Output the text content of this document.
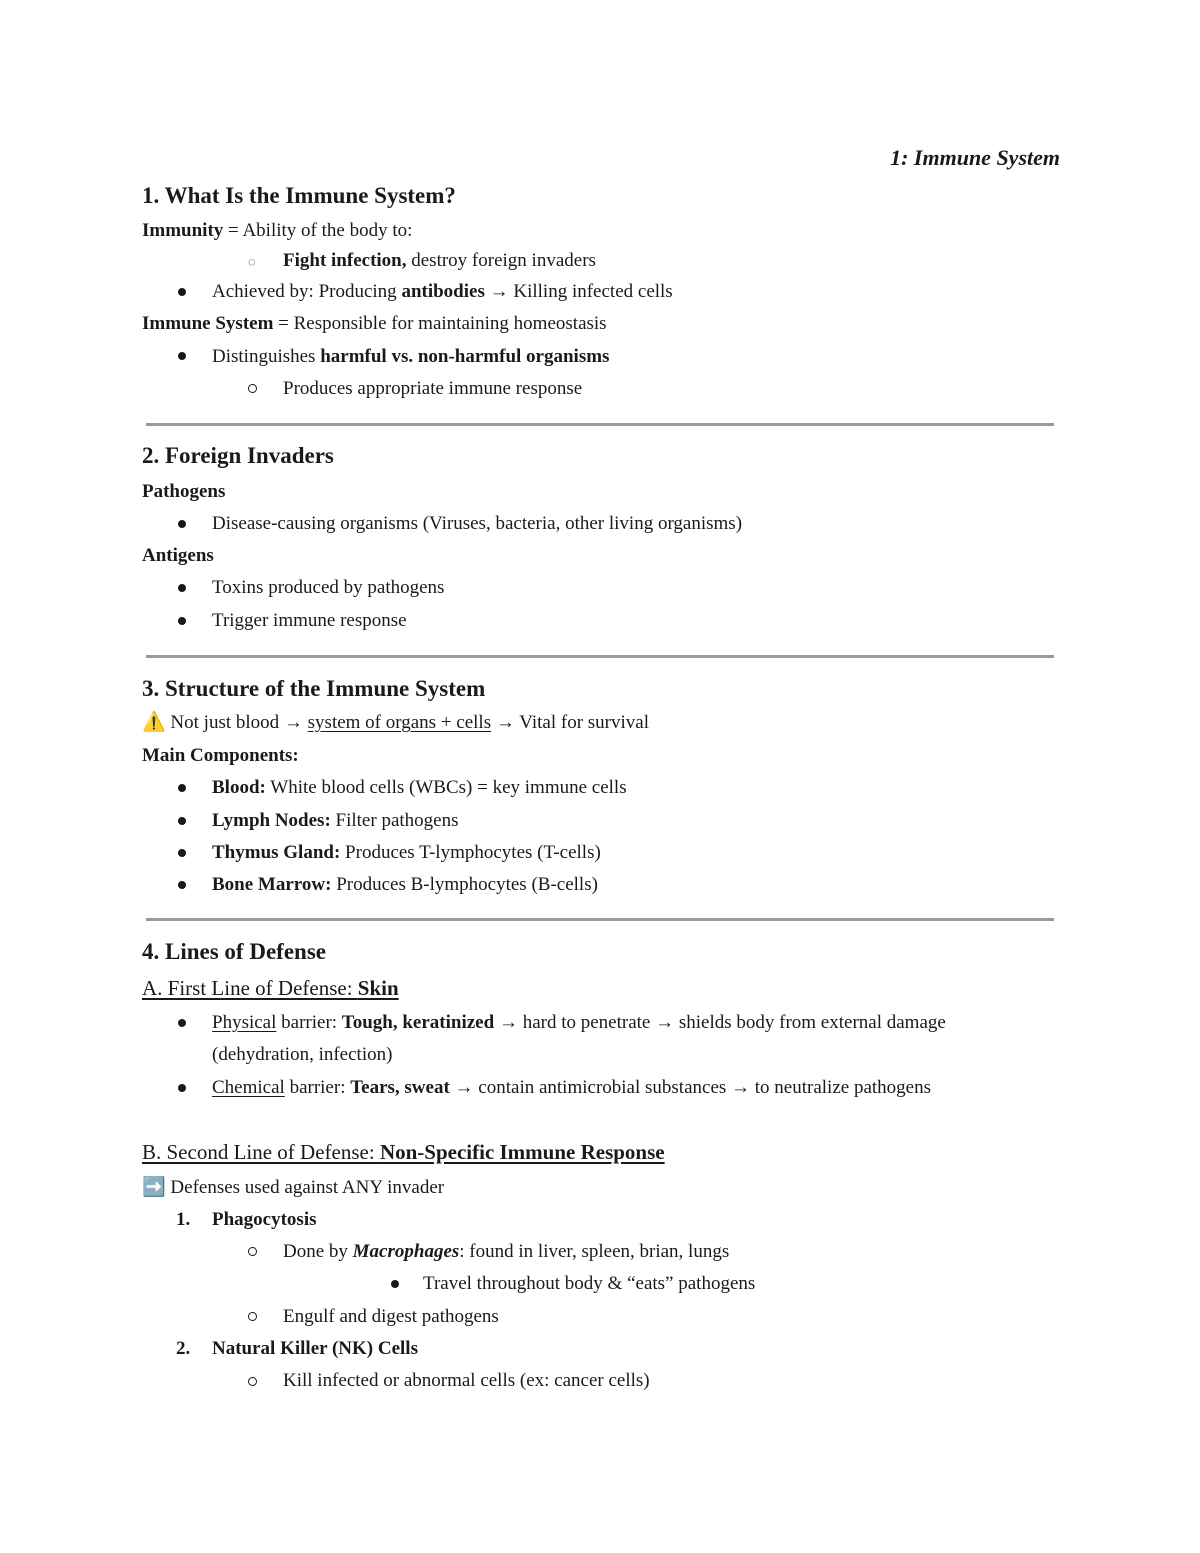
1: Immune System
1. What Is the Immune System?
Immunity = Ability of the body to:
◌ Fight infection, destroy foreign invaders
Achieved by: Producing antibodies → Killing infected cells
Immune System = Responsible for maintaining homeostasis
Distinguishes harmful vs. non-harmful organisms
Produces appropriate immune response
2. Foreign Invaders
Pathogens
Disease-causing organisms (Viruses, bacteria, other living organisms)
Antigens
Toxins produced by pathogens
Trigger immune response
3. Structure of the Immune System
⚠️ Not just blood → system of organs + cells → Vital for survival
Main Components:
Blood: White blood cells (WBCs) = key immune cells
Lymph Nodes: Filter pathogens
Thymus Gland: Produces T-lymphocytes (T-cells)
Bone Marrow: Produces B-lymphocytes (B-cells)
4. Lines of Defense
A. First Line of Defense: Skin
Physical barrier: Tough, keratinized → hard to penetrate → shields body from external damage
(dehydration, infection)
Chemical barrier: Tears, sweat → contain antimicrobial substances → to neutralize pathogens
B. Second Line of Defense: Non-Specific Immune Response
➡️ Defenses used against ANY invader
1. Phagocytosis
Done by Macrophages: found in liver, spleen, brian, lungs
Travel throughout body & “eats” pathogens
Engulf and digest pathogens
2. Natural Killer (NK) Cells
Kill infected or abnormal cells (ex: cancer cells)
